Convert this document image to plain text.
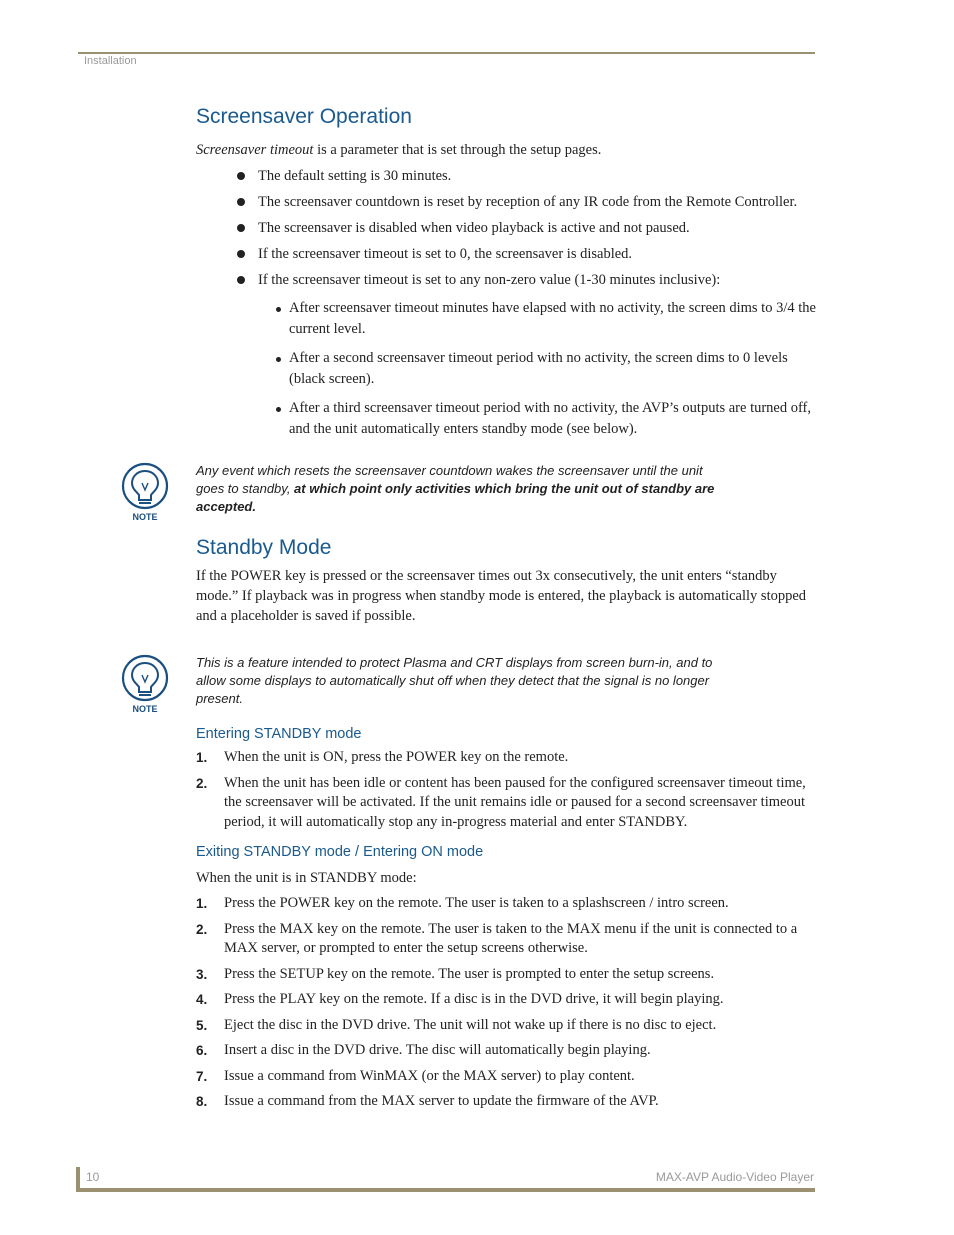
Installation
Screensaver Operation

Screensaver timeout is a parameter that is set through the setup pages.

The default setting is 30 minutes.
The screensaver countdown is reset by reception of any IR code from the Remote Controller.
The screensaver is disabled when video playback is active and not paused.
If the screensaver timeout is set to 0, the screensaver is disabled.
If the screensaver timeout is set to any non-zero value (1-30 minutes inclusive):
After screensaver timeout minutes have elapsed with no activity, the screen dims to 3/4 the current level.
After a second screensaver timeout period with no activity, the screen dims to 0 levels (black screen).
After a third screensaver timeout period with no activity, the AVP’s outputs are turned off, and the unit automatically enters standby mode (see below).
NOTE
Any event which resets the screensaver countdown wakes the screensaver until the unit goes to standby, at which point only activities which bring the unit out of standby are accepted.
Standby Mode

If the POWER key is pressed or the screensaver times out 3x consecutively, the unit enters “standby mode.” If playback was in progress when standby mode is entered, the playback is automatically stopped and a placeholder is saved if possible.

NOTE
This is a feature intended to protect Plasma and CRT displays from screen burn-in, and to allow some displays to automatically shut off when they detect that the signal is no longer present.
Entering STANDBY mode
1. When the unit is ON, press the POWER key on the remote.
2. When the unit has been idle or content has been paused for the configured screensaver timeout time, the screensaver will be activated. If the unit remains idle or paused for a second screensaver timeout period, it will automatically stop any in-progress material and enter STANDBY.
Exiting STANDBY mode / Entering ON mode

When the unit is in STANDBY mode:

1. Press the POWER key on the remote. The user is taken to a splashscreen / intro screen.
2. Press the MAX key on the remote. The user is taken to the MAX menu if the unit is connected to a MAX server, or prompted to enter the setup screens otherwise.
3. Press the SETUP key on the remote. The user is prompted to enter the setup screens.
4. Press the PLAY key on the remote. If a disc is in the DVD drive, it will begin playing.
5. Eject the disc in the DVD drive. The unit will not wake up if there is no disc to eject.
6. Insert a disc in the DVD drive. The disc will automatically begin playing.
7. Issue a command from WinMAX (or the MAX server) to play content.
8. Issue a command from the MAX server to update the firmware of the AVP.
10	MAX-AVP Audio-Video Player
